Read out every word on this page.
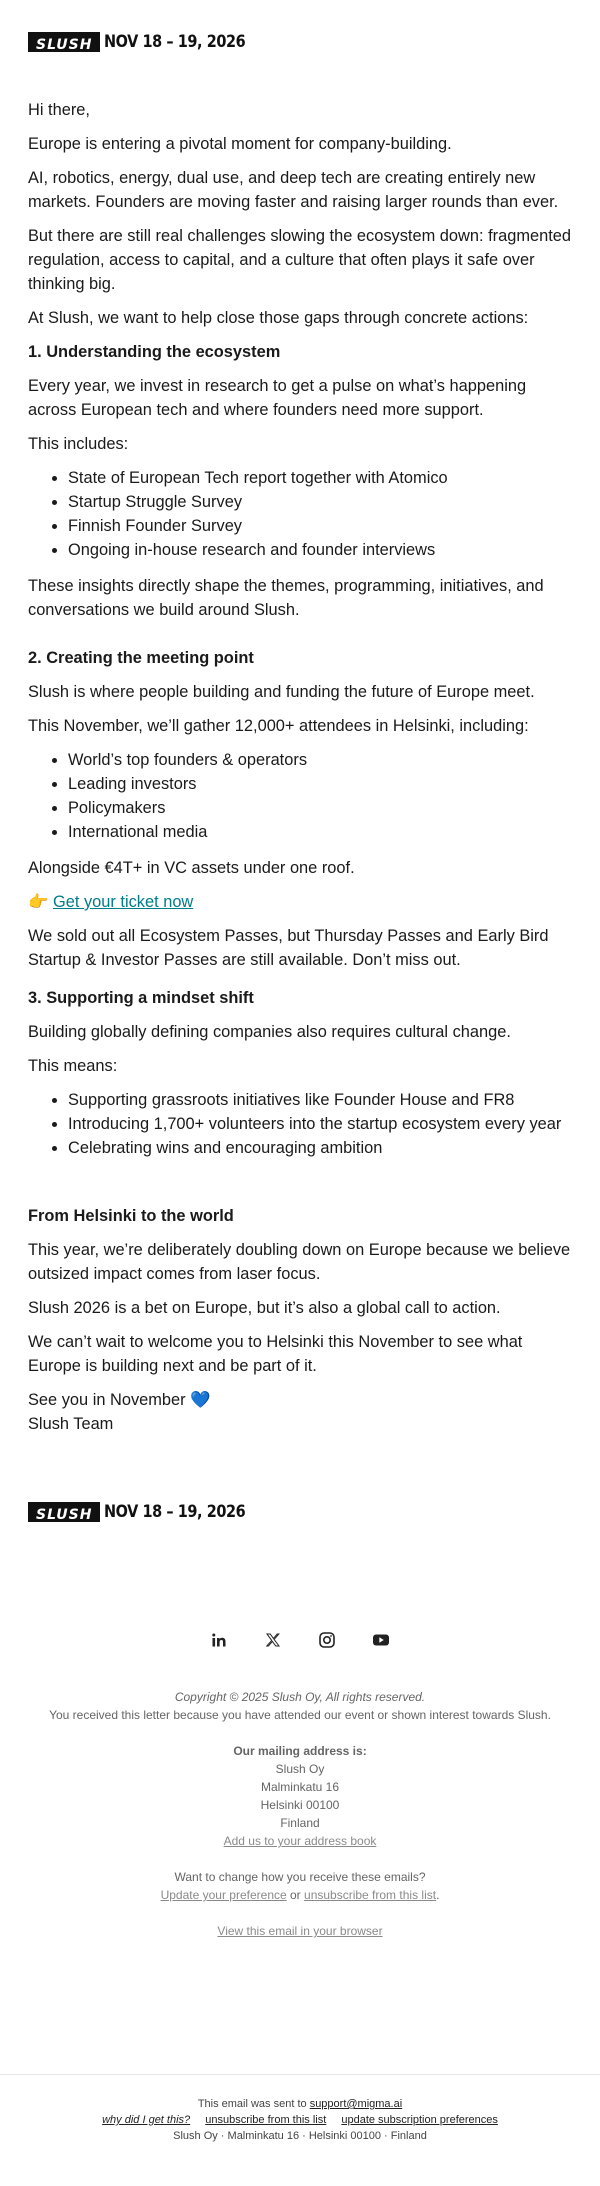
SLUSH NOV 18 – 19, 2026

Hi there,

Europe is entering a pivotal moment for company-building.

AI, robotics, energy, dual use, and deep tech are creating entirely new markets. Founders are moving faster and raising larger rounds than ever.

But there are still real challenges slowing the ecosystem down: fragmented regulation, access to capital, and a culture that often plays it safe over thinking big.

At Slush, we want to help close those gaps through concrete actions:

1. Understanding the ecosystem

Every year, we invest in research to get a pulse on what’s happening across European tech and where founders need more support.

This includes:

• State of European Tech report together with Atomico
• Startup Struggle Survey
• Finnish Founder Survey
• Ongoing in-house research and founder interviews

These insights directly shape the themes, programming, initiatives, and conversations we build around Slush.

2. Creating the meeting point

Slush is where people building and funding the future of Europe meet.

This November, we’ll gather 12,000+ attendees in Helsinki, including:

• World’s top founders & operators
• Leading investors
• Policymakers
• International media

Alongside €4T+ in VC assets under one roof.

👉 Get your ticket now

We sold out all Ecosystem Passes, but Thursday Passes and Early Bird Startup & Investor Passes are still available. Don’t miss out.

3. Supporting a mindset shift

Building globally defining companies also requires cultural change.

This means:

• Supporting grassroots initiatives like Founder House and FR8
• Introducing 1,700+ volunteers into the startup ecosystem every year
• Celebrating wins and encouraging ambition
From Helsinki to the world

This year, we’re deliberately doubling down on Europe because we believe outsized impact comes from laser focus.

Slush 2026 is a bet on Europe, but it’s also a global call to action.

We can’t wait to welcome you to Helsinki this November to see what Europe is building next and be part of it.

See you in November 💙

Slush Team

SLUSH NOV 18 – 19, 2026

Copyright © 2025 Slush Oy, All rights reserved.

You received this letter because you have attended our event or shown interest towards Slush.

Our mailing address is:

Slush Oy

Malminkatu 16

Helsinki 00100

Finland

Add us to your address book

Want to change how you receive these emails?

Update your preference or unsubscribe from this list.

View this email in your browser

This email was sent to support@migma.ai

why did I get this? unsubscribe from this list update subscription preferences

Slush Oy · Malminkatu 16 · Helsinki 00100 · Finland
